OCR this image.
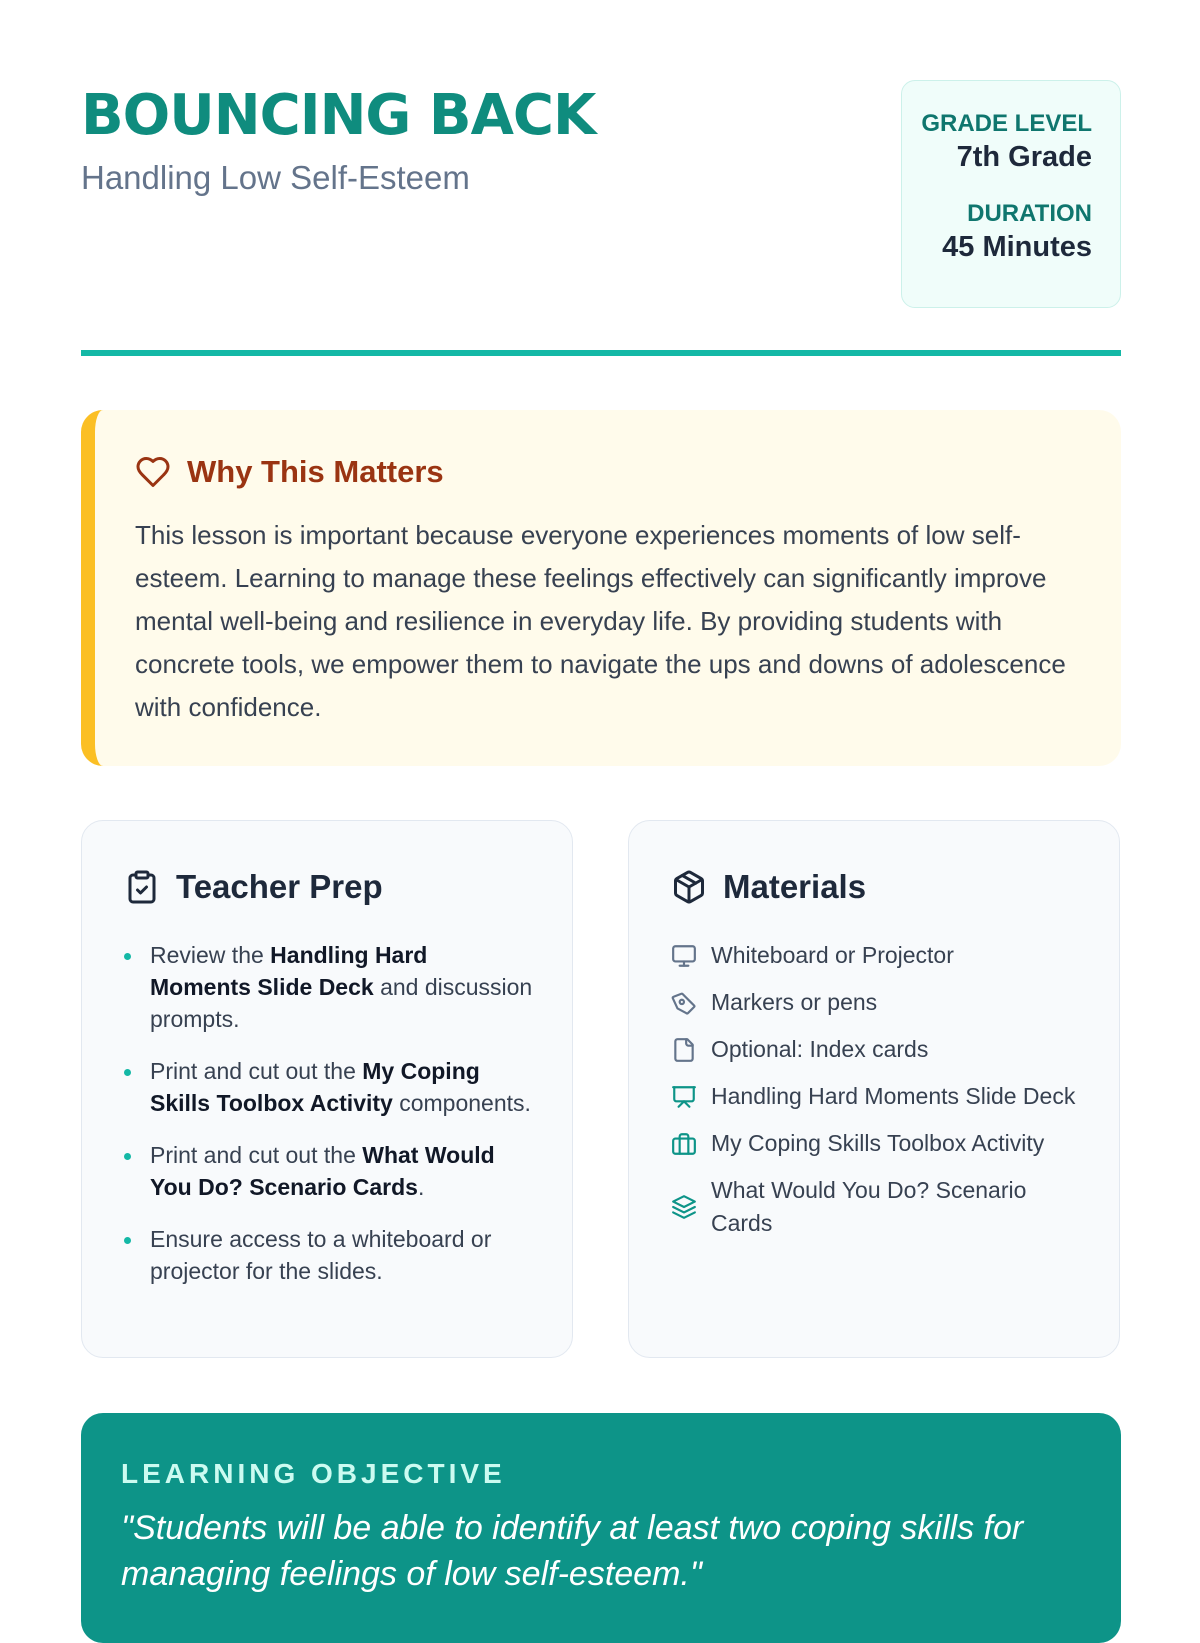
BOUNCING BACK
Handling Low Self-Esteem
GRADE LEVEL
7th Grade
DURATION
45 Minutes
Why This Matters
This lesson is important because everyone experiences moments of low self-esteem. Learning to manage these feelings effectively can significantly improve mental well-being and resilience in everyday life. By providing students with concrete tools, we empower them to navigate the ups and downs of adolescence with confidence.
Teacher Prep
Review the Handling Hard Moments Slide Deck and discussion prompts.
Print and cut out the My Coping Skills Toolbox Activity components.
Print and cut out the What Would You Do? Scenario Cards.
Ensure access to a whiteboard or projector for the slides.
Materials
Whiteboard or Projector
Markers or pens
Optional: Index cards
Handling Hard Moments Slide Deck
My Coping Skills Toolbox Activity
What Would You Do? Scenario Cards
LEARNING OBJECTIVE
"Students will be able to identify at least two coping skills for managing feelings of low self-esteem."
